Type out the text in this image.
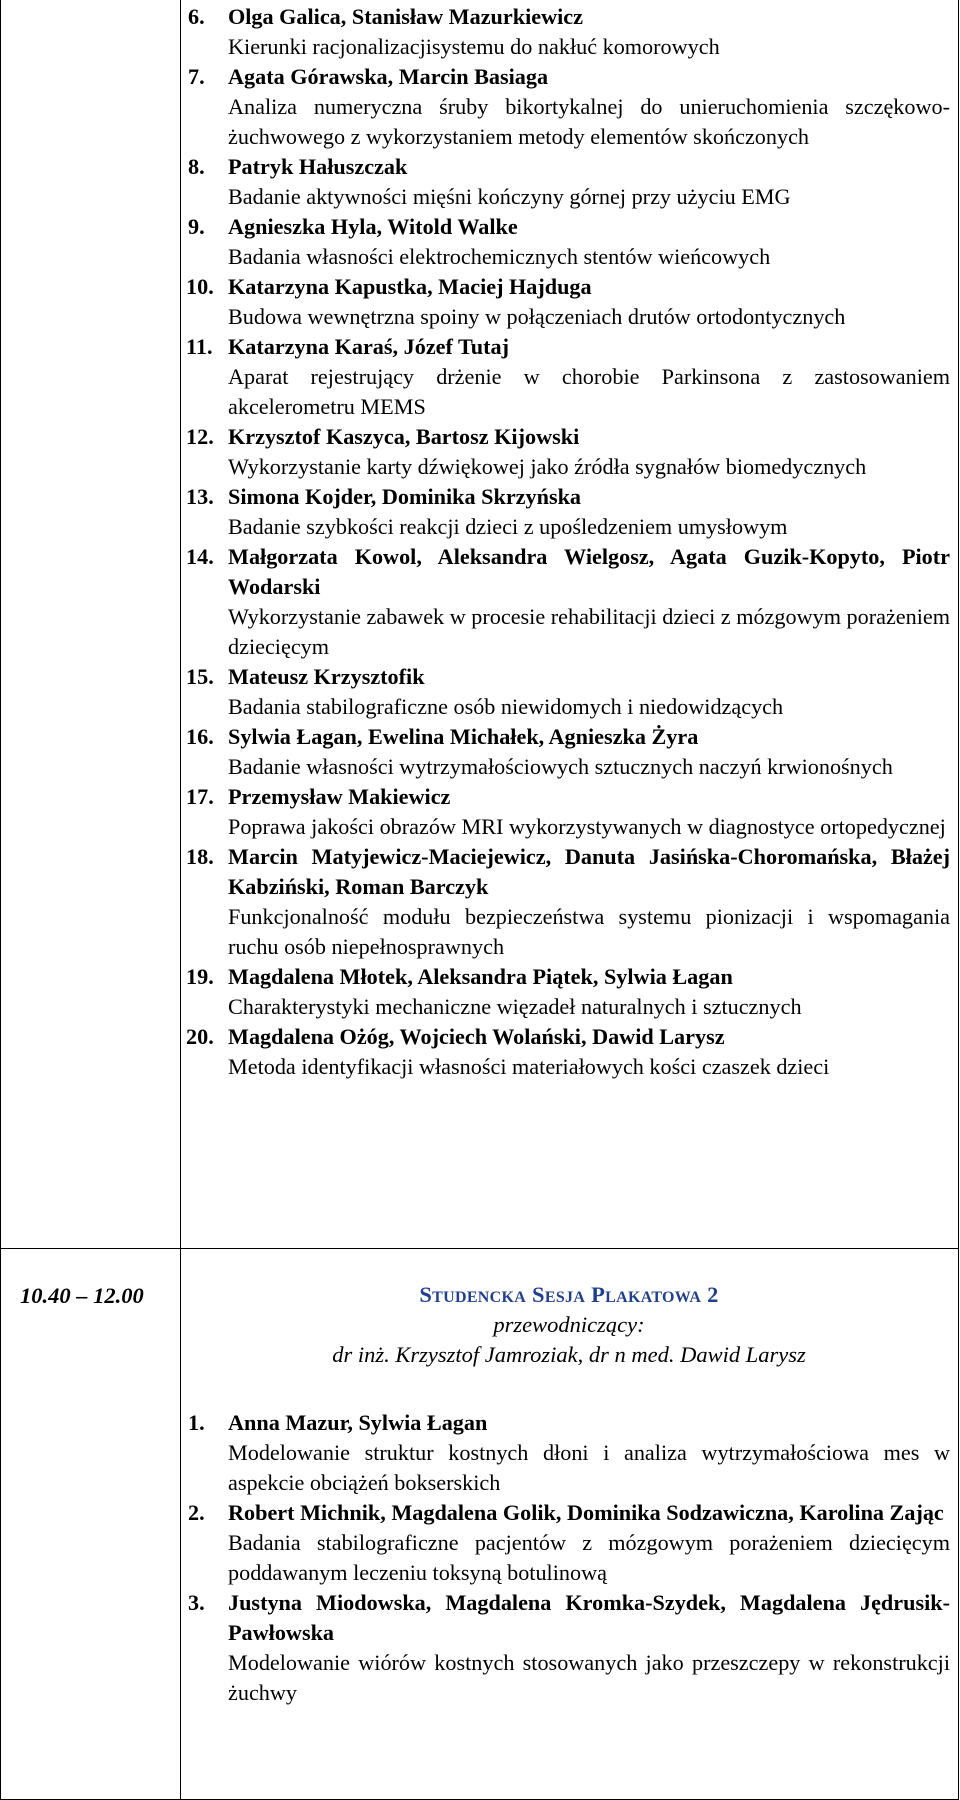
6. Olga Galica, Stanisław Mazurkiewicz
Kierunki racjonalizacjisystemu do nakłuć komorowych
7. Agata Górawska, Marcin Basiaga
Analiza numeryczna śruby bikortykalnej do unieruchomienia szczękowo-żuchwowego z wykorzystaniem metody elementów skończonych
8. Patryk Hałuszczak
Badanie aktywności mięśni kończyny górnej przy użyciu EMG
9. Agnieszka Hyla, Witold Walke
Badania własności elektrochemicznych stentów wieńcowych
10. Katarzyna Kapustka, Maciej Hajduga
Budowa wewnętrzna spoiny w połączeniach drutów ortodontycznych
11. Katarzyna Karaś, Józef Tutaj
Aparat rejestrujący drżenie w chorobie Parkinsona z zastosowaniem akcelerometru MEMS
12. Krzysztof Kaszyca, Bartosz Kijowski
Wykorzystanie karty dźwiękowej jako źródła sygnałów biomedycznych
13. Simona Kojder, Dominika Skrzyńska
Badanie szybkości reakcji dzieci z upośledzeniem umysłowym
14. Małgorzata Kowol, Aleksandra Wielgosz, Agata Guzik-Kopyto, Piotr Wodarski
Wykorzystanie zabawek w procesie rehabilitacji dzieci z mózgowym porażeniem dziecięcym
15. Mateusz Krzysztofik
Badania stabilograficzne osób niewidomych i niedowidzących
16. Sylwia Łagan, Ewelina Michałek, Agnieszka Żyra
Badanie własności wytrzymałościowych sztucznych naczyń krwionośnych
17. Przemysław Makiewicz
Poprawa jakości obrazów MRI wykorzystywanych w diagnostyce ortopedycznej
18. Marcin Matyjewicz-Maciejewicz, Danuta Jasińska-Choromańska, Błażej Kabziński, Roman Barczyk
Funkcjonalność modułu bezpieczeństwa systemu pionizacji i wspomagania ruchu osób niepełnosprawnych
19. Magdalena Młotek, Aleksandra Piątek, Sylwia Łagan
Charakterystyki mechaniczne więzadeł naturalnych i sztucznych
20. Magdalena Ożóg, Wojciech Wolański, Dawid Larysz
Metoda identyfikacji własności materiałowych kości czaszek dzieci
10.40 – 12.00	Studencka Sesja Plakatowa 2
przewodniczący:
dr inż. Krzysztof Jamroziak, dr n med. Dawid Larysz
1. Anna Mazur, Sylwia Łagan
Modelowanie struktur kostnych dłoni i analiza wytrzymałościowa mes w aspekcie obciążeń bokserskich
2. Robert Michnik, Magdalena Golik, Dominika Sodzawiczna, Karolina Zając
Badania stabilograficzne pacjentów z mózgowym porażeniem dziecięcym poddawanym leczeniu toksyną botulinową
3. Justyna Miodowska, Magdalena Kromka-Szydek, Magdalena Jędrusik-Pawłowska
Modelowanie wiórów kostnych stosowanych jako przeszczepy w rekonstrukcji żuchwy
